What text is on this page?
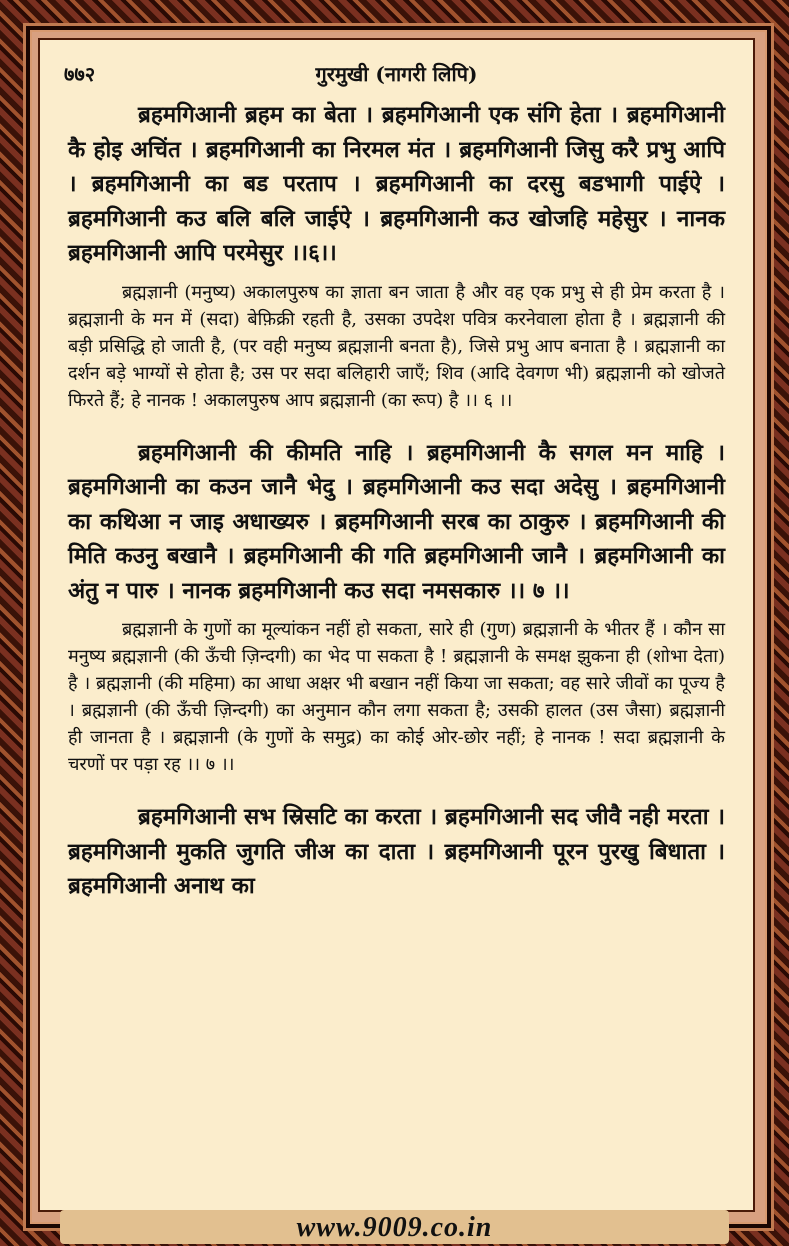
७७२	गुरमुखी (नागरी लिपि)

ब्रहमगिआनी ब्रहम का बेता । ब्रहमगिआनी एक संगि हेता । ब्रहमगिआनी कै होइ अचिंत । ब्रहमगिआनी का निरमल मंत । ब्रहमगिआनी जिसु करै प्रभु आपि । ब्रहमगिआनी का बड परताप । ब्रहमगिआनी का दरसु बडभागी पाईऐ । ब्रहमगिआनी कउ बलि बलि जाईऐ । ब्रहमगिआनी कउ खोजहि महेसुर । नानक ब्रहमगिआनी आपि परमेसुर ।।६।।

ब्रह्मज्ञानी (मनुष्य) अकालपुरुष का ज्ञाता बन जाता है और वह एक प्रभु से ही प्रेम करता है । ब्रह्मज्ञानी के मन में (सदा) बेफ़िक्री रहती है, उसका उपदेश पवित्र करनेवाला होता है । ब्रह्मज्ञानी की बड़ी प्रसिद्धि हो जाती है, (पर वही मनुष्य ब्रह्मज्ञानी बनता है), जिसे प्रभु आप बनाता है । ब्रह्मज्ञानी का दर्शन बड़े भाग्यों से होता है; उस पर सदा बलिहारी जाएँ; शिव (आदि देवगण भी) ब्रह्मज्ञानी को खोजते फिरते हैं; हे नानक ! अकालपुरुष आप ब्रह्मज्ञानी (का रूप) है ।। ६ ।।

ब्रहमगिआनी की कीमति नाहि । ब्रहमगिआनी कै सगल मन माहि । ब्रहमगिआनी का कउन जानै भेदु । ब्रहमगिआनी कउ सदा अदेसु । ब्रहमगिआनी का कथिआ न जाइ अधाख्यरु । ब्रहमगिआनी सरब का ठाकुरु । ब्रहमगिआनी की मिति कउनु बखानै । ब्रहमगिआनी की गति ब्रहमगिआनी जानै । ब्रहमगिआनी का अंतु न पारु । नानक ब्रहमगिआनी कउ सदा नमसकारु ।। ७ ।।

ब्रह्मज्ञानी के गुणों का मूल्यांकन नहीं हो सकता, सारे ही (गुण) ब्रह्मज्ञानी के भीतर हैं । कौन सा मनुष्य ब्रह्मज्ञानी (की ऊँची ज़िन्दगी) का भेद पा सकता है ! ब्रह्मज्ञानी के समक्ष झुकना ही (शोभा देता) है । ब्रह्मज्ञानी (की महिमा) का आधा अक्षर भी बखान नहीं किया जा सकता; वह सारे जीवों का पूज्य है । ब्रह्मज्ञानी (की ऊँची ज़िन्दगी) का अनुमान कौन लगा सकता है; उसकी हालत (उस जैसा) ब्रह्मज्ञानी ही जानता है । ब्रह्मज्ञानी (के गुणों के समुद्र) का कोई ओर-छोर नहीं; हे नानक ! सदा ब्रह्मज्ञानी के चरणों पर पड़ा रह ।। ७ ।।

ब्रहमगिआनी सभ स्रिसटि का करता । ब्रहमगिआनी सद जीवै नही मरता । ब्रहमगिआनी मुकति जुगति जीअ का दाता । ब्रहमगिआनी पूरन पुरखु बिधाता । ब्रहमगिआनी अनाथ का

www.9009.co.in
